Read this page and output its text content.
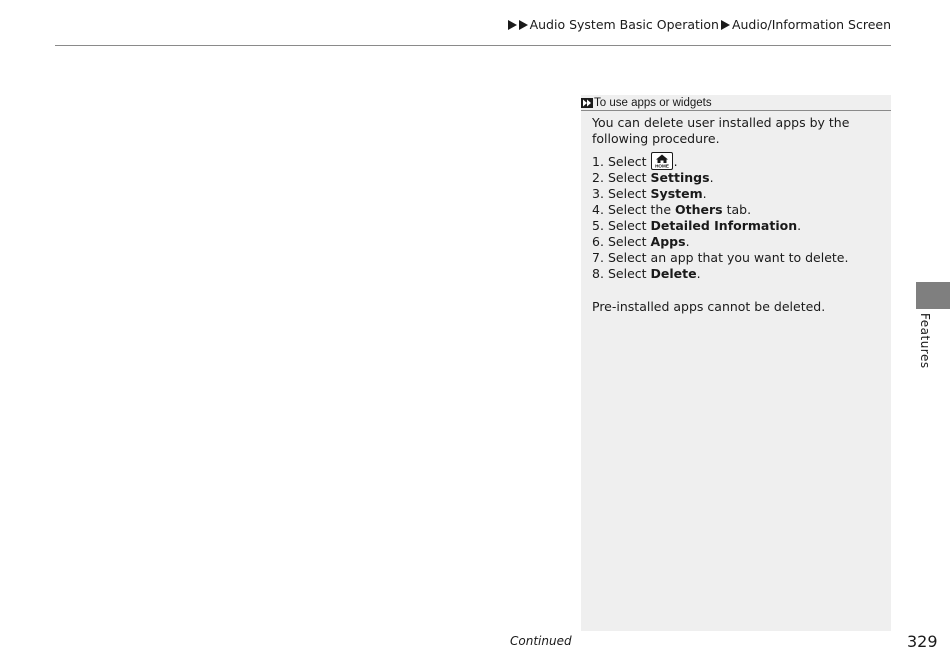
Audio System Basic Operation Audio/Information Screen
To use apps or widgets

You can delete user installed apps by the following procedure.

1. Select HOME .
2. Select Settings .
3. Select System .
4. Select the Others tab.
5. Select Detailed Information .
6. Select Apps .
7. Select an app that you want to delete.
8. Select Delete .

Pre-installed apps cannot be deleted.

Features
Continued	329
